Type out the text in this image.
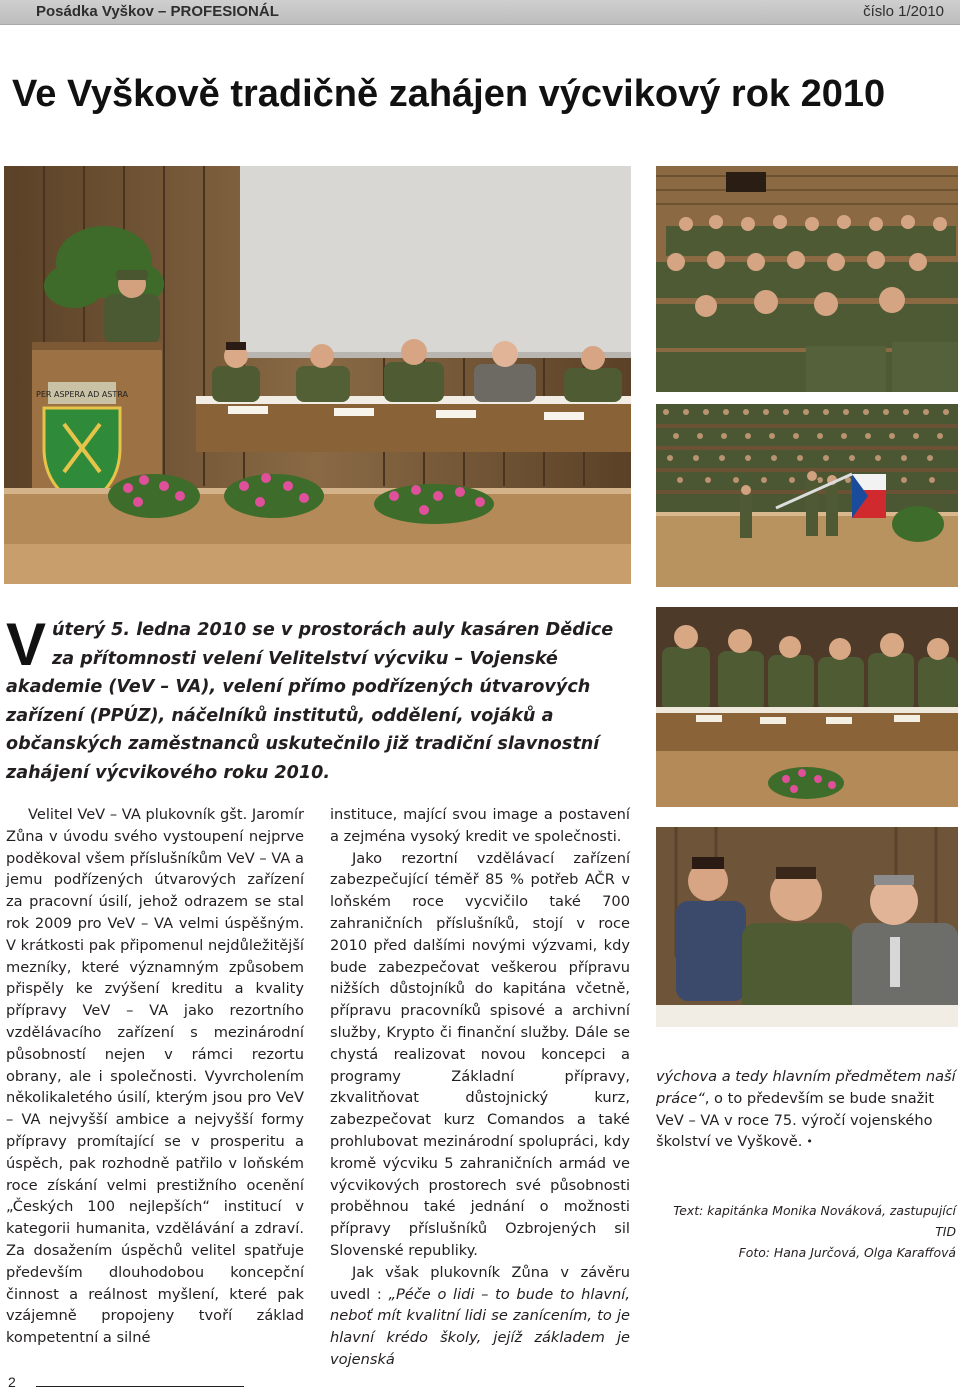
Posádka Vyškov – PROFESIONÁL	číslo 1/2010
Ve Vyškově tradičně zahájen výcvikový rok 2010
PER ASPERA AD ASTRA
Vúterý 5. ledna 2010 se v prostorách auly kasáren Dědice za přítomnosti velení Velitelství výcviku – Vojenské akademie (VeV – VA), velení přímo podřízených útvarových zařízení (PPÚZ), náčelníků institutů, oddělení, vojáků a občanských zaměstnanců uskutečnilo již tradiční slavnostní zahájení výcvikového roku 2010.

Velitel VeV – VA plukovník gšt. Jaromír Zůna v úvodu svého vystoupení nejprve poděkoval všem příslušníkům VeV – VA a jemu podřízených útvarových zařízení za pracovní úsilí, jehož odrazem se stal rok 2009 pro VeV – VA velmi úspěšným. V krátkosti pak připomenul nejdůležitější mezníky, které významným způsobem přispěly ke zvýšení kreditu a kvality přípravy VeV – VA jako rezortního vzdělávacího zařízení s mezinárodní působností nejen v rámci rezortu obrany, ale i společnosti. Vyvrcholením několikaletého úsilí, kterým jsou pro VeV – VA nejvyšší ambice a nejvyšší formy přípravy promítající se v prosperitu a úspěch, pak rozhodně patřilo v loňském roce získání velmi prestižního ocenění „Českých 100 nejlepších“ institucí v kategorii humanita, vzdělávání a zdraví. Za dosažením úspěchů velitel spatřuje především dlouhodobou koncepční činnost a reálnost myšlení, které pak vzájemně propojeny tvoří základ kompetentní a silné

instituce, mající svou image a postavení a zejména vysoký kredit ve společnosti.

Jako rezortní vzdělávací zařízení zabezpečující téměř 85 % potřeb AČR v loňském roce vycvičilo také 700 zahraničních příslušníků, stojí v roce 2010 před dalšími novými výzvami, kdy bude zabezpečovat veškerou přípravu nižších důstojníků do kapitána včetně, přípravu pracovníků spisové a archivní služby, Krypto či finanční služby. Dále se chystá realizovat novou koncepci a programy Základní přípravy, zkvalitňovat důstojnický kurz, zabezpečovat kurz Comandos a také prohlubovat mezinárodní spolupráci, kdy kromě výcviku 5 zahraničních armád ve výcvikových prostorech své působnosti proběhnou také jednání o možnosti přípravy příslušníků Ozbrojených sil Slovenské republiky.

Jak však plukovník Zůna v závěru uvedl : „Péče o lidi – to bude to hlavní, neboť mít kvalitní lidi se zanícením, to je hlavní krédo školy, jejíž základem je vojenská

výchova a tedy hlavním předmětem naší práce“, o to především se bude snažit VeV – VA v roce 75. výročí vojenského školství ve Vyškově. •

Text: kapitánka Monika Nováková, zastupující TID
Foto: Hana Jurčová, Olga Karaffová
2
